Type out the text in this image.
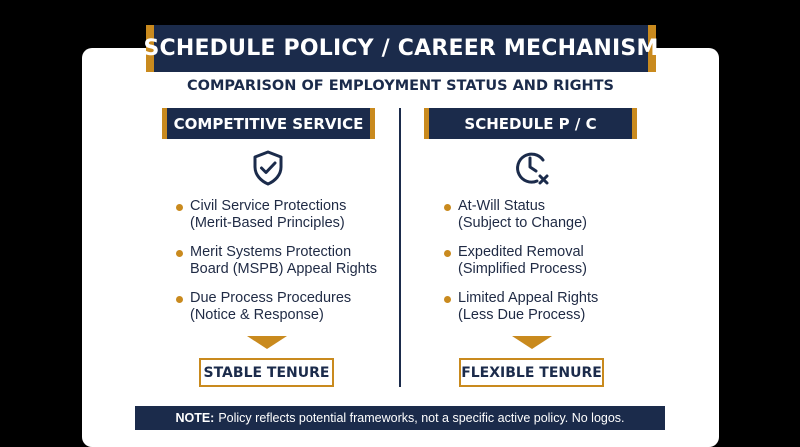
SCHEDULE POLICY / CAREER MECHANISM
COMPARISON OF EMPLOYMENT STATUS AND RIGHTS
COMPETITIVE SERVICE	SCHEDULE P / C
Civil Service Protections
(Merit-Based Principles)
Merit Systems Protection
Board (MSPB) Appeal Rights
Due Process Procedures
(Notice & Response)
At-Will Status
(Subject to Change)
Expedited Removal
(Simplified Process)
Limited Appeal Rights
(Less Due Process)
STABLE TENURE	FLEXIBLE TENURE
NOTE: Policy reflects potential frameworks, not a specific active policy. No logos.
